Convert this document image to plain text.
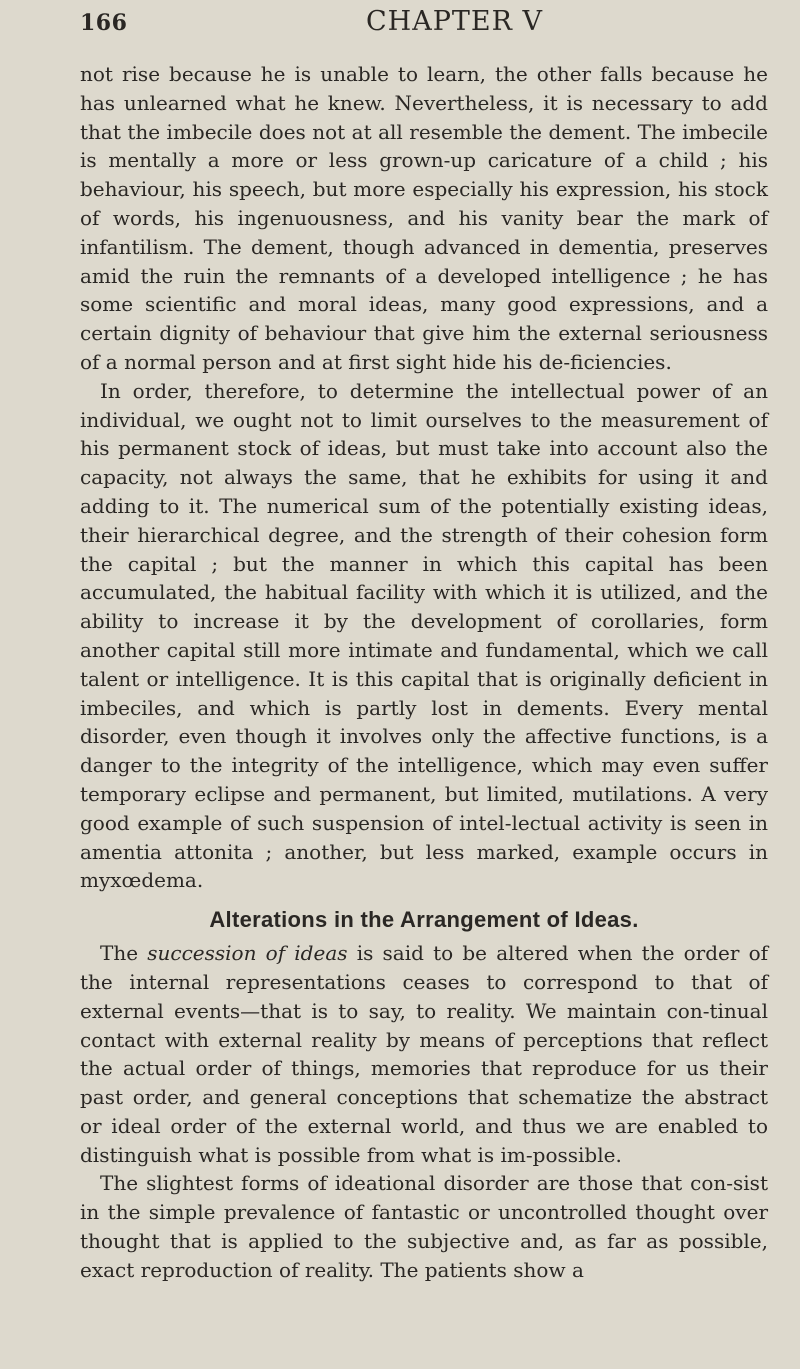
166	CHAPTER V

not rise because he is unable to learn, the other falls because he has unlearned what he knew. Nevertheless, it is necessary to add that the imbecile does not at all resemble the dement. The imbecile is mentally a more or less grown-up caricature of a child ; his behaviour, his speech, but more especially his expression, his stock of words, his ingenuousness, and his vanity bear the mark of infantilism. The dement, though advanced in dementia, preserves amid the ruin the remnants of a developed intelligence ; he has some scientific and moral ideas, many good expressions, and a certain dignity of behaviour that give him the external seriousness of a normal person and at first sight hide his de-ficiencies.

In order, therefore, to determine the intellectual power of an individual, we ought not to limit ourselves to the measurement of his permanent stock of ideas, but must take into account also the capacity, not always the same, that he exhibits for using it and adding to it. The numerical sum of the potentially existing ideas, their hierarchical degree, and the strength of their cohesion form the capital ; but the manner in which this capital has been accumulated, the habitual facility with which it is utilized, and the ability to increase it by the development of corollaries, form another capital still more intimate and fundamental, which we call talent or intelligence. It is this capital that is originally deficient in imbeciles, and which is partly lost in dements. Every mental disorder, even though it involves only the affective functions, is a danger to the integrity of the intelligence, which may even suffer temporary eclipse and permanent, but limited, mutilations. A very good example of such suspension of intel-lectual activity is seen in amentia attonita ; another, but less marked, example occurs in myxœdema.

Alterations in the Arrangement of Ideas.

The succession of ideas is said to be altered when the order of the internal representations ceases to correspond to that of external events—that is to say, to reality. We maintain con-tinual contact with external reality by means of perceptions that reflect the actual order of things, memories that reproduce for us their past order, and general conceptions that schematize the abstract or ideal order of the external world, and thus we are enabled to distinguish what is possible from what is im-possible.

The slightest forms of ideational disorder are those that con-sist in the simple prevalence of fantastic or uncontrolled thought over thought that is applied to the subjective and, as far as possible, exact reproduction of reality. The patients show a
